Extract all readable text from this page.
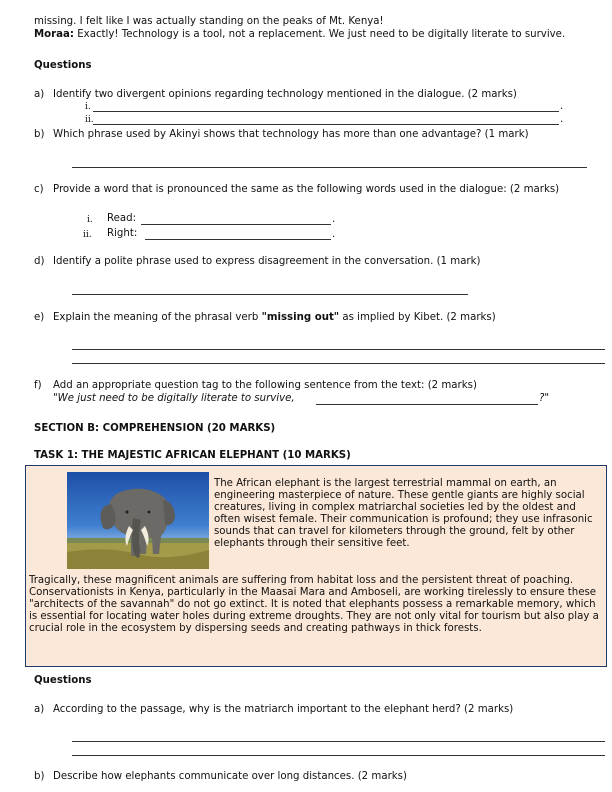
missing. I felt like I was actually standing on the peaks of Mt. Kenya!
Moraa: Exactly! Technology is a tool, not a replacement. We just need to be digitally literate to survive.
Questions
a) Identify two divergent opinions regarding technology mentioned in the dialogue. (2 marks)
i.	.
ii.	.
b) Which phrase used by Akinyi shows that technology has more than one advantage? (1 mark)
c) Provide a word that is pronounced the same as the following words used in the dialogue: (2 marks)
i. Read:	.
ii. Right:	.
d) Identify a polite phrase used to express disagreement in the conversation. (1 mark)
e) Explain the meaning of the phrasal verb "missing out" as implied by Kibet. (2 marks)
f) Add an appropriate question tag to the following sentence from the text: (2 marks)
"We just need to be digitally literate to survive,	?"
SECTION B: COMPREHENSION (20 MARKS)
TASK 1: THE MAJESTIC AFRICAN ELEPHANT (10 MARKS)
The African elephant is the largest terrestrial mammal on earth, an engineering masterpiece of nature. These gentle giants are highly social creatures, living in complex matriarchal societies led by the oldest and often wisest female. Their communication is profound; they use infrasonic sounds that can travel for kilometers through the ground, felt by other elephants through their sensitive feet.
Tragically, these magnificent animals are suffering from habitat loss and the persistent threat of poaching. Conservationists in Kenya, particularly in the Maasai Mara and Amboseli, are working tirelessly to ensure these "architects of the savannah" do not go extinct. It is noted that elephants possess a remarkable memory, which is essential for locating water holes during extreme droughts. They are not only vital for tourism but also play a crucial role in the ecosystem by dispersing seeds and creating pathways in thick forests.
Questions
a) According to the passage, why is the matriarch important to the elephant herd? (2 marks)
b) Describe how elephants communicate over long distances. (2 marks)
